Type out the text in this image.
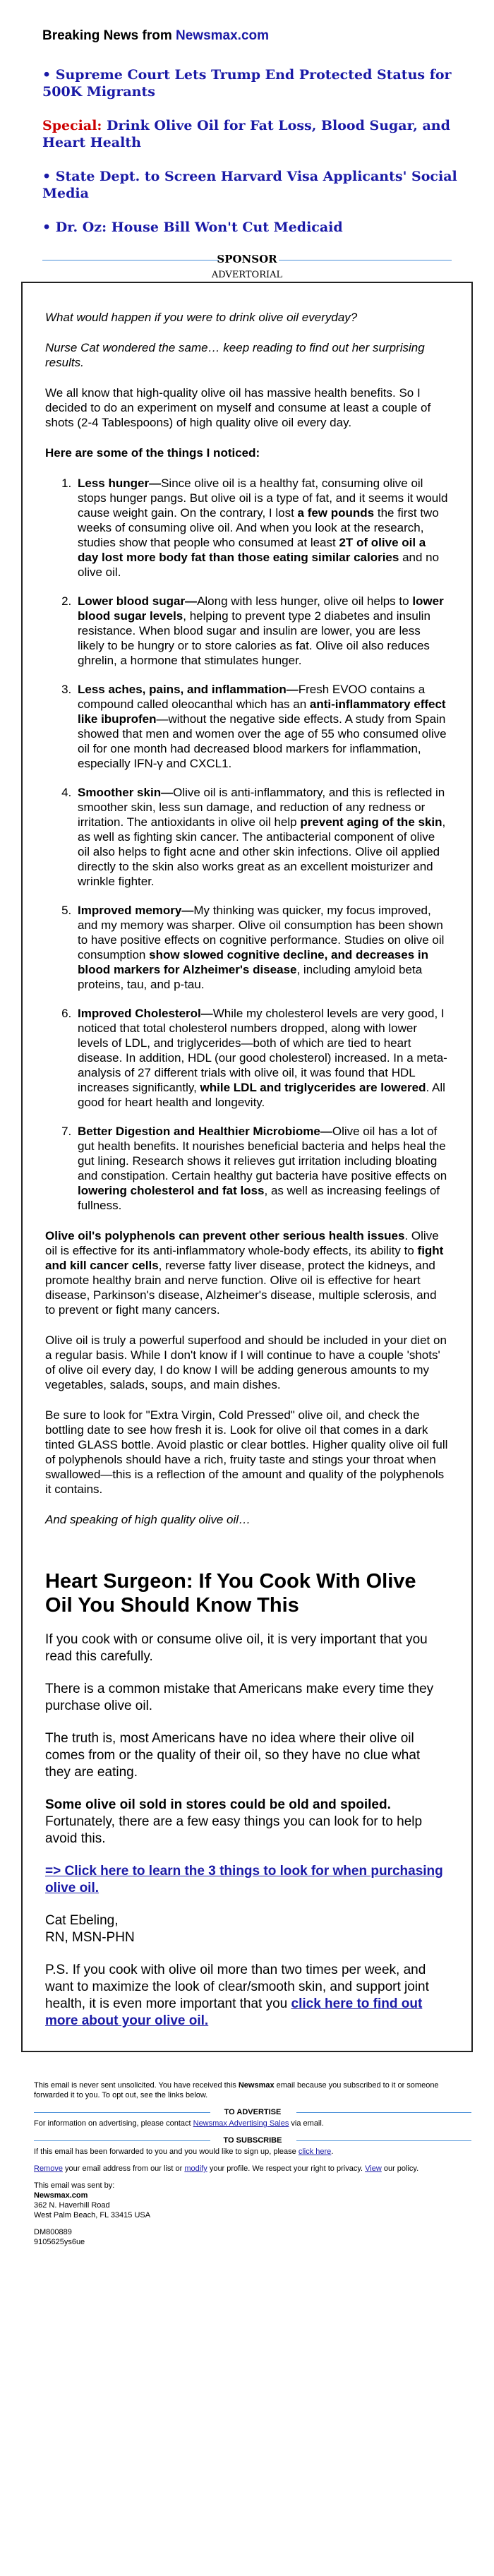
Breaking News from Newsmax.com

• Supreme Court Lets Trump End Protected Status for 500K Migrants

Special: Drink Olive Oil for Fat Loss, Blood Sugar, and Heart Health

• State Dept. to Screen Harvard Visa Applicants' Social Media

• Dr. Oz: House Bill Won't Cut Medicaid

SPONSOR
ADVERTORIAL

What would happen if you were to drink olive oil everyday?

Nurse Cat wondered the same… keep reading to find out her surprising results.

We all know that high-quality olive oil has massive health benefits. So I decided to do an experiment on myself and consume at least a couple of shots (2-4 Tablespoons) of high quality olive oil every day.

Here are some of the things I noticed:

1. Less hunger—Since olive oil is a healthy fat, consuming olive oil stops hunger pangs. But olive oil is a type of fat, and it seems it would cause weight gain. On the contrary, I lost a few pounds the first two weeks of consuming olive oil. And when you look at the research, studies show that people who consumed at least 2T of olive oil a day lost more body fat than those eating similar calories and no olive oil.
2. Lower blood sugar—Along with less hunger, olive oil helps to lower blood sugar levels, helping to prevent type 2 diabetes and insulin resistance. When blood sugar and insulin are lower, you are less likely to be hungry or to store calories as fat. Olive oil also reduces ghrelin, a hormone that stimulates hunger.
3. Less aches, pains, and inflammation—Fresh EVOO contains a compound called oleocanthal which has an anti-inflammatory effect like ibuprofen—without the negative side effects. A study from Spain showed that men and women over the age of 55 who consumed olive oil for one month had decreased blood markers for inflammation, especially IFN-γ and CXCL1.
4. Smoother skin—Olive oil is anti-inflammatory, and this is reflected in smoother skin, less sun damage, and reduction of any redness or irritation. The antioxidants in olive oil help prevent aging of the skin, as well as fighting skin cancer. The antibacterial component of olive oil also helps to fight acne and other skin infections. Olive oil applied directly to the skin also works great as an excellent moisturizer and wrinkle fighter.
5. Improved memory—My thinking was quicker, my focus improved, and my memory was sharper. Olive oil consumption has been shown to have positive effects on cognitive performance. Studies on olive oil consumption show slowed cognitive decline, and decreases in blood markers for Alzheimer's disease, including amyloid beta proteins, tau, and p-tau.
6. Improved Cholesterol—While my cholesterol levels are very good, I noticed that total cholesterol numbers dropped, along with lower levels of LDL, and triglycerides—both of which are tied to heart disease. In addition, HDL (our good cholesterol) increased. In a meta-analysis of 27 different trials with olive oil, it was found that HDL increases significantly, while LDL and triglycerides are lowered. All good for heart health and longevity.
7. Better Digestion and Healthier Microbiome—Olive oil has a lot of gut health benefits. It nourishes beneficial bacteria and helps heal the gut lining. Research shows it relieves gut irritation including bloating and constipation. Certain healthy gut bacteria have positive effects on lowering cholesterol and fat loss, as well as increasing feelings of fullness.

Olive oil's polyphenols can prevent other serious health issues. Olive oil is effective for its anti-inflammatory whole-body effects, its ability to fight and kill cancer cells, reverse fatty liver disease, protect the kidneys, and promote healthy brain and nerve function. Olive oil is effective for heart disease, Parkinson's disease, Alzheimer's disease, multiple sclerosis, and to prevent or fight many cancers.

Olive oil is truly a powerful superfood and should be included in your diet on a regular basis. While I don't know if I will continue to have a couple 'shots' of olive oil every day, I do know I will be adding generous amounts to my vegetables, salads, soups, and main dishes.

Be sure to look for "Extra Virgin, Cold Pressed" olive oil, and check the bottling date to see how fresh it is. Look for olive oil that comes in a dark tinted GLASS bottle. Avoid plastic or clear bottles. Higher quality olive oil full of polyphenols should have a rich, fruity taste and stings your throat when swallowed—this is a reflection of the amount and quality of the polyphenols it contains.

And speaking of high quality olive oil…

Heart Surgeon: If You Cook With Olive Oil You Should Know This

If you cook with or consume olive oil, it is very important that you read this carefully.

There is a common mistake that Americans make every time they purchase olive oil.

The truth is, most Americans have no idea where their olive oil comes from or the quality of their oil, so they have no clue what they are eating.

Some olive oil sold in stores could be old and spoiled. Fortunately, there are a few easy things you can look for to help avoid this.

=> Click here to learn the 3 things to look for when purchasing olive oil.

Cat Ebeling,

RN, MSN-PHN

P.S. If you cook with olive oil more than two times per week, and want to maximize the look of clear/smooth skin, and support joint health, it is even more important that you click here to find out more about your olive oil.

This email is never sent unsolicited. You have received this Newsmax email because you subscribed to it or someone forwarded it to you. To opt out, see the links below.

TO ADVERTISE

For information on advertising, please contact Newsmax Advertising Sales via email.

TO SUBSCRIBE

If this email has been forwarded to you and you would like to sign up, please click here.

Remove your email address from our list or modify your profile. We respect your right to privacy. View our policy.

This email was sent by:
Newsmax.com
362 N. Haverhill Road
West Palm Beach, FL 33415 USA

DM800889
9105625ys6ue
